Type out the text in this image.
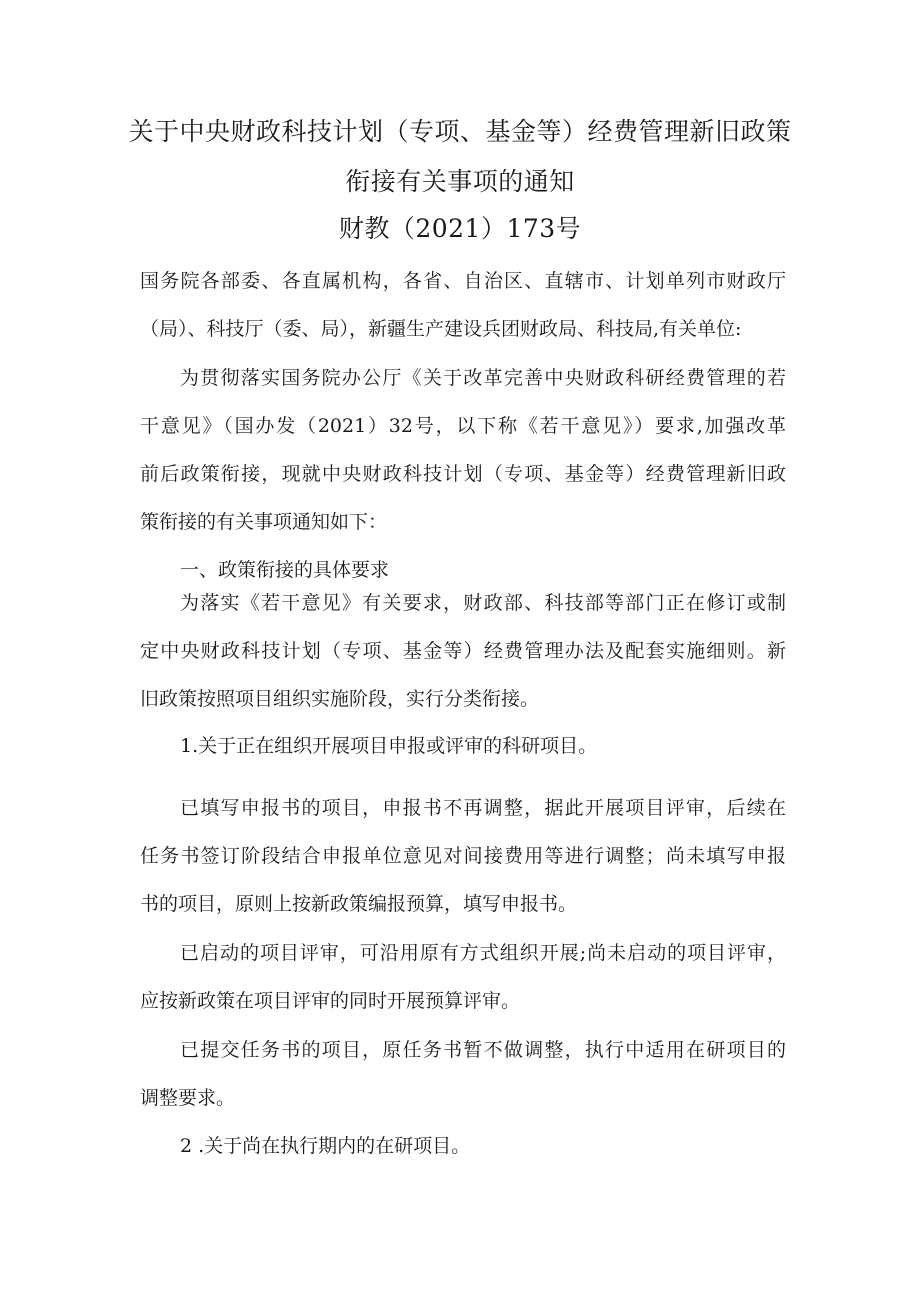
关于中央财政科技计划（专项、基金等）经费管理新旧政策
衔接有关事项的通知
财教（2021）173号
国务院各部委、各直属机构，各省、自治区、直辖市、计划单列市财政厅
（局）、科技厅（委、局），新疆生产建设兵团财政局、科技局,有关单位:
为贯彻落实国务院办公厅《关于改革完善中央财政科研经费管理的若
干意见》（国办发（2021）32号，以下称《若干意见》）要求,加强改革
前后政策衔接，现就中央财政科技计划（专项、基金等）经费管理新旧政
策衔接的有关事项通知如下：
一、政策衔接的具体要求
为落实《若干意见》有关要求，财政部、科技部等部门正在修订或制
定中央财政科技计划（专项、基金等）经费管理办法及配套实施细则。新
旧政策按照项目组织实施阶段，实行分类衔接。
1.关于正在组织开展项目申报或评审的科研项目。
已填写申报书的项目，申报书不再调整，据此开展项目评审，后续在
任务书签订阶段结合申报单位意见对间接费用等进行调整；尚未填写申报
书的项目，原则上按新政策编报预算，填写申报书。
已启动的项目评审，可沿用原有方式组织开展;尚未启动的项目评审，
应按新政策在项目评审的同时开展预算评审。
已提交任务书的项目，原任务书暂不做调整，执行中适用在研项目的
调整要求。
2 .关于尚在执行期内的在研项目。
